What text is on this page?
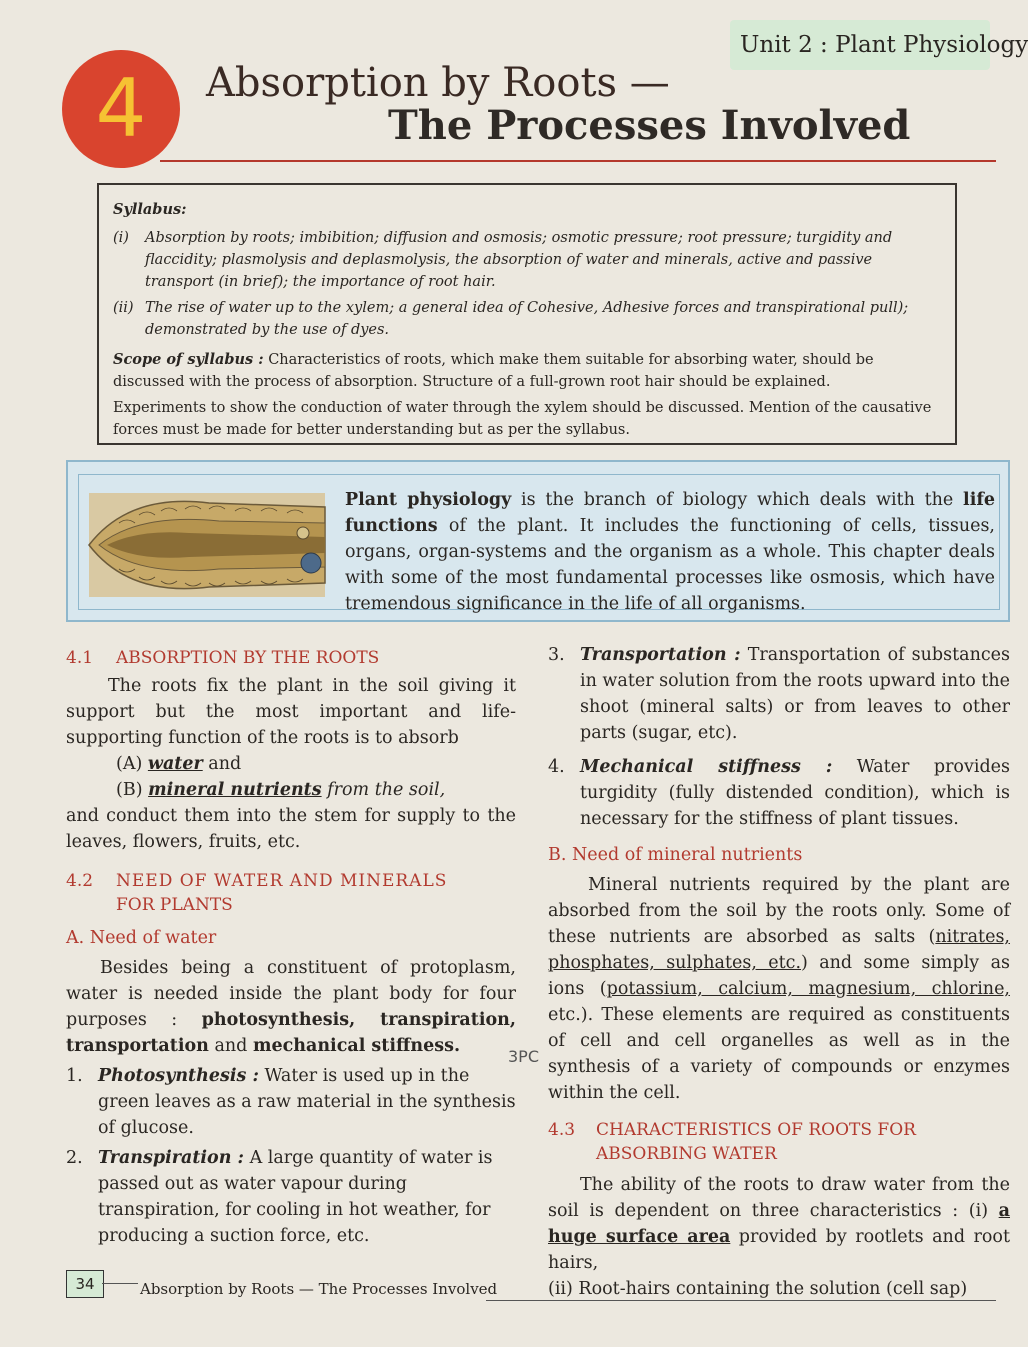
Unit 2 : Plant Physiology
4	Absorption by Roots —
The Processes Involved

Syllabus:

(i)	Absorption by roots; imbibition; diffusion and osmosis; osmotic pressure; root pressure; turgidity and flaccidity; plasmolysis and deplasmolysis, the absorption of water and minerals, active and passive transport (in brief); the importance of root hair.
(ii) The rise of water up to the xylem; a general idea of Cohesive, Adhesive forces and transpirational pull); demonstrated by the use of dyes.

Scope of syllabus : Characteristics of roots, which make them suitable for absorbing water, should be discussed with the process of absorption. Structure of a full-grown root hair should be explained.

Experiments to show the conduction of water through the xylem should be discussed. Mention of the causative forces must be made for better understanding but as per the syllabus.

Plant physiology is the branch of biology which deals with the life functions of the plant. It includes the functioning of cells, tissues, organs, organ-systems and the organism as a whole. This chapter deals with some of the most fundamental processes like osmosis, which have tremendous significance in the life of all organisms.

4.1 ABSORPTION BY THE ROOTS

The roots fix the plant in the soil giving it support but the most important and life-supporting function of the roots is to absorb

(A) water and

(B) mineral nutrients from the soil,

and conduct them into the stem for supply to the leaves, flowers, fruits, etc.

4.2 NEED OF WATER AND MINERALS
FOR PLANTS

A. Need of water

Besides being a constituent of protoplasm, water is needed inside the plant body for four purposes : photosynthesis, transpiration, transportation and mechanical stiffness.

1. Photosynthesis : Water is used up in the green leaves as a raw material in the synthesis of glucose.
2. Transpiration : A large quantity of water is passed out as water vapour during transpiration, for cooling in hot weather, for producing a suction force, etc.
3PC
3. Transportation : Transportation of substances in water solution from the roots upward into the shoot (mineral salts) or from leaves to other parts (sugar, etc).
4. Mechanical stiffness : Water provides turgidity (fully distended condition), which is necessary for the stiffness of plant tissues.

B. Need of mineral nutrients

Mineral nutrients required by the plant are absorbed from the soil by the roots only. Some of these nutrients are absorbed as salts (nitrates, phosphates, sulphates, etc.) and some simply as ions (potassium, calcium, magnesium, chlorine, etc.). These elements are required as constituents of cell and cell organelles as well as in the synthesis of a variety of compounds or enzymes within the cell.

4.3 CHARACTERISTICS OF ROOTS FOR
ABSORBING WATER

The ability of the roots to draw water from the soil is dependent on three characteristics : (i) a huge surface area provided by rootlets and root hairs,

(ii) Root-hairs containing the solution (cell sap)

34	Absorption by Roots — The Processes Involved
